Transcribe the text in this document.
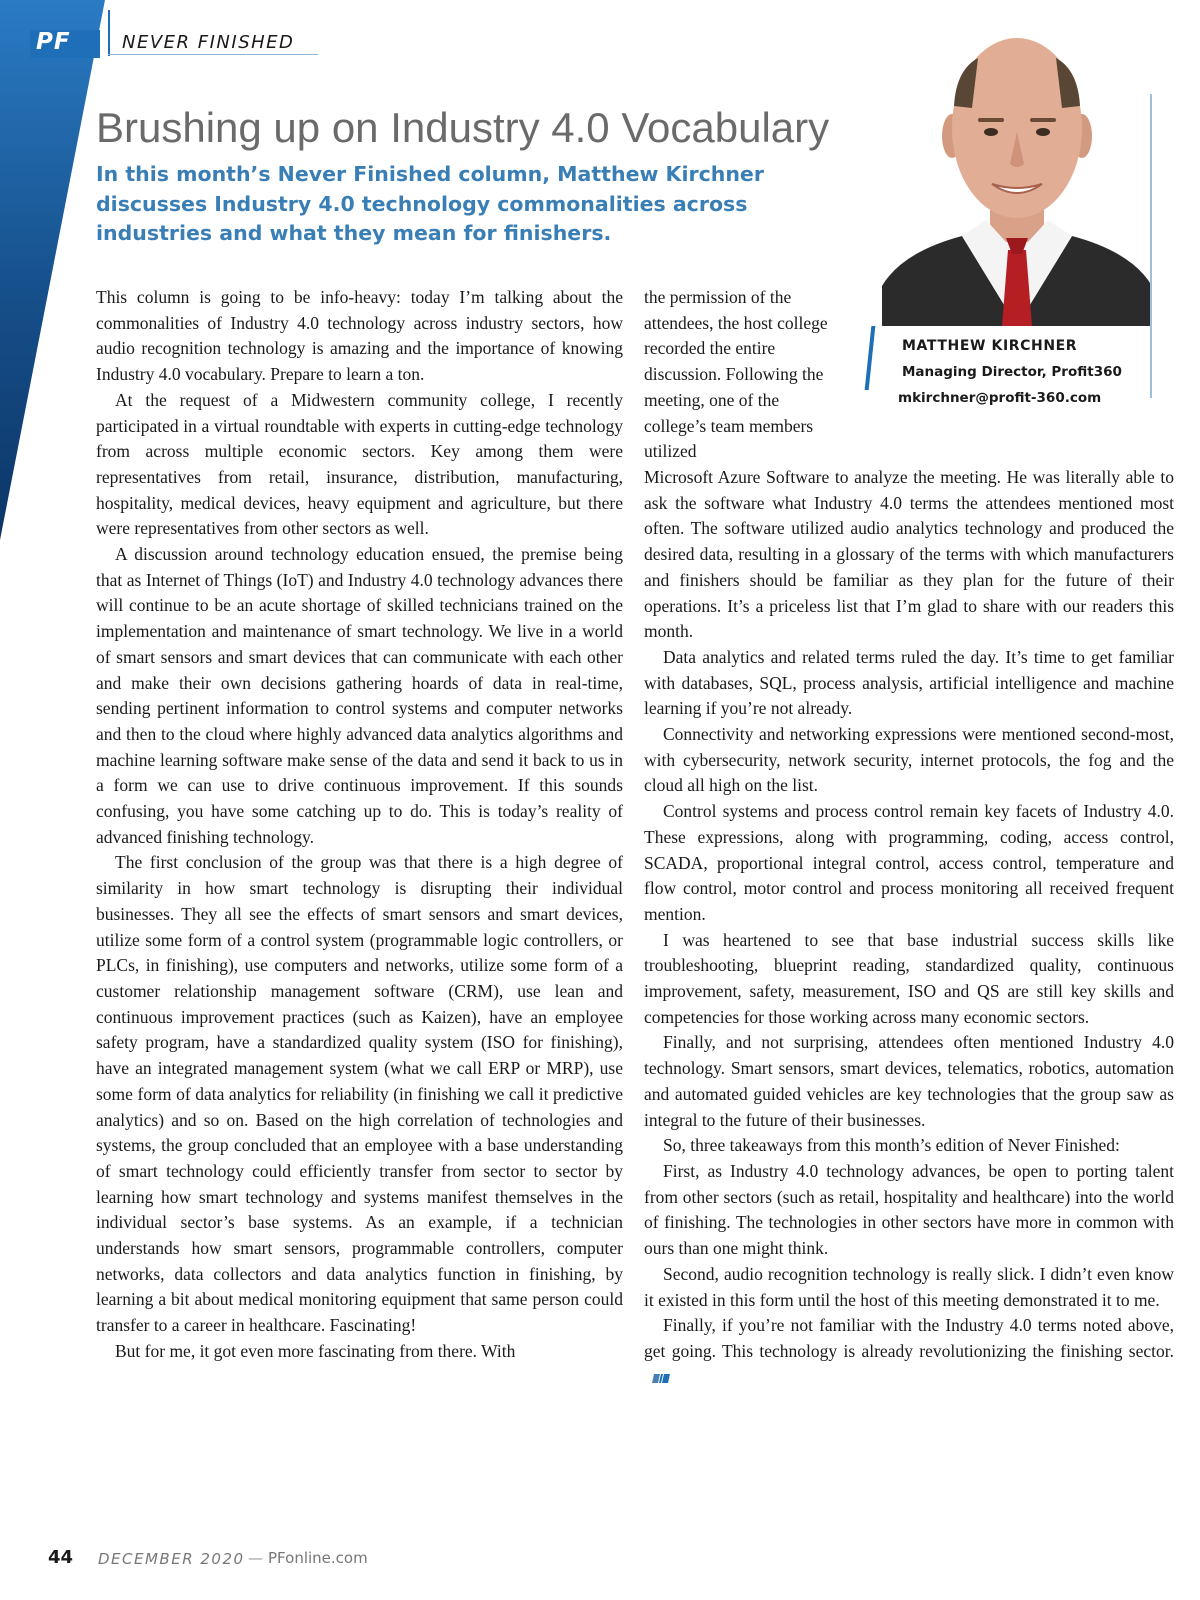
PF	NEVER FINISHED
Brushing up on Industry 4.0 Vocabulary

In this month’s Never Finished column, Matthew Kirchner discusses Industry 4.0 technology commonalities across industries and what they mean for finishers.

MATTHEW KIRCHNER
Managing Director, Profit360
mkirchner@profit-360.com

This column is going to be info-heavy: today I’m talking about the commonalities of Industry 4.0 technology across industry sectors, how audio recognition technology is amazing and the importance of knowing Industry 4.0 vocabulary. Prepare to learn a ton.

At the request of a Midwestern community college, I recently participated in a virtual roundtable with experts in cutting-edge technology from across multiple economic sectors. Key among them were representatives from retail, insurance, distribution, manufacturing, hospitality, medical devices, heavy equipment and agriculture, but there were representatives from other sectors as well.

A discussion around technology education ensued, the premise being that as Internet of Things (IoT) and Industry 4.0 technology advances there will continue to be an acute shortage of skilled technicians trained on the implementation and maintenance of smart technology. We live in a world of smart sensors and smart devices that can communicate with each other and make their own decisions gathering hoards of data in real-time, sending pertinent information to control systems and computer networks and then to the cloud where highly advanced data analytics algorithms and machine learning software make sense of the data and send it back to us in a form we can use to drive continuous improvement. If this sounds confusing, you have some catching up to do. This is today’s reality of advanced finishing technology.

The first conclusion of the group was that there is a high degree of similarity in how smart technology is disrupting their individual businesses. They all see the effects of smart sensors and smart devices, utilize some form of a control system (programmable logic controllers, or PLCs, in finishing), use computers and networks, utilize some form of a customer relationship management software (CRM), use lean and continuous improvement practices (such as Kaizen), have an employee safety program, have a standardized quality system (ISO for finishing), have an integrated management system (what we call ERP or MRP), use some form of data analytics for reliability (in finishing we call it predictive analytics) and so on. Based on the high correlation of technologies and systems, the group concluded that an employee with a base understanding of smart technology could efficiently transfer from sector to sector by learning how smart technology and systems manifest themselves in the individual sector’s base systems. As an example, if a technician understands how smart sensors, programmable controllers, computer networks, data collectors and data analytics function in finishing, by learning a bit about medical monitoring equipment that same person could transfer to a career in healthcare. Fascinating!

But for me, it got even more fascinating from there. With

the permission of the attendees, the host college recorded the entire discussion. Following the meeting, one of the college’s team members utilized

Microsoft Azure Software to analyze the meeting. He was literally able to ask the software what Industry 4.0 terms the attendees mentioned most often. The software utilized audio analytics technology and produced the desired data, resulting in a glossary of the terms with which manufacturers and finishers should be familiar as they plan for the future of their operations. It’s a priceless list that I’m glad to share with our readers this month.

Data analytics and related terms ruled the day. It’s time to get familiar with databases, SQL, process analysis, artificial intelligence and machine learning if you’re not already.

Connectivity and networking expressions were mentioned second-most, with cybersecurity, network security, internet protocols, the fog and the cloud all high on the list.

Control systems and process control remain key facets of Industry 4.0. These expressions, along with programming, coding, access control, SCADA, proportional integral control, access control, temperature and flow control, motor control and process monitoring all received frequent mention.

I was heartened to see that base industrial success skills like troubleshooting, blueprint reading, standardized quality, continuous improvement, safety, measurement, ISO and QS are still key skills and competencies for those working across many economic sectors.

Finally, and not surprising, attendees often mentioned Industry 4.0 technology. Smart sensors, smart devices, telematics, robotics, automation and automated guided vehicles are key technologies that the group saw as integral to the future of their businesses.

So, three takeaways from this month’s edition of Never Finished:

First, as Industry 4.0 technology advances, be open to porting talent from other sectors (such as retail, hospitality and healthcare) into the world of finishing. The technologies in other sectors have more in common with ours than one might think.

Second, audio recognition technology is really slick. I didn’t even know it existed in this form until the host of this meeting demonstrated it to me.

Finally, if you’re not familiar with the Industry 4.0 terms noted above, get going. This technology is already revolutionizing the finishing sector.

44 DECEMBER 2020 — PFonline.com
